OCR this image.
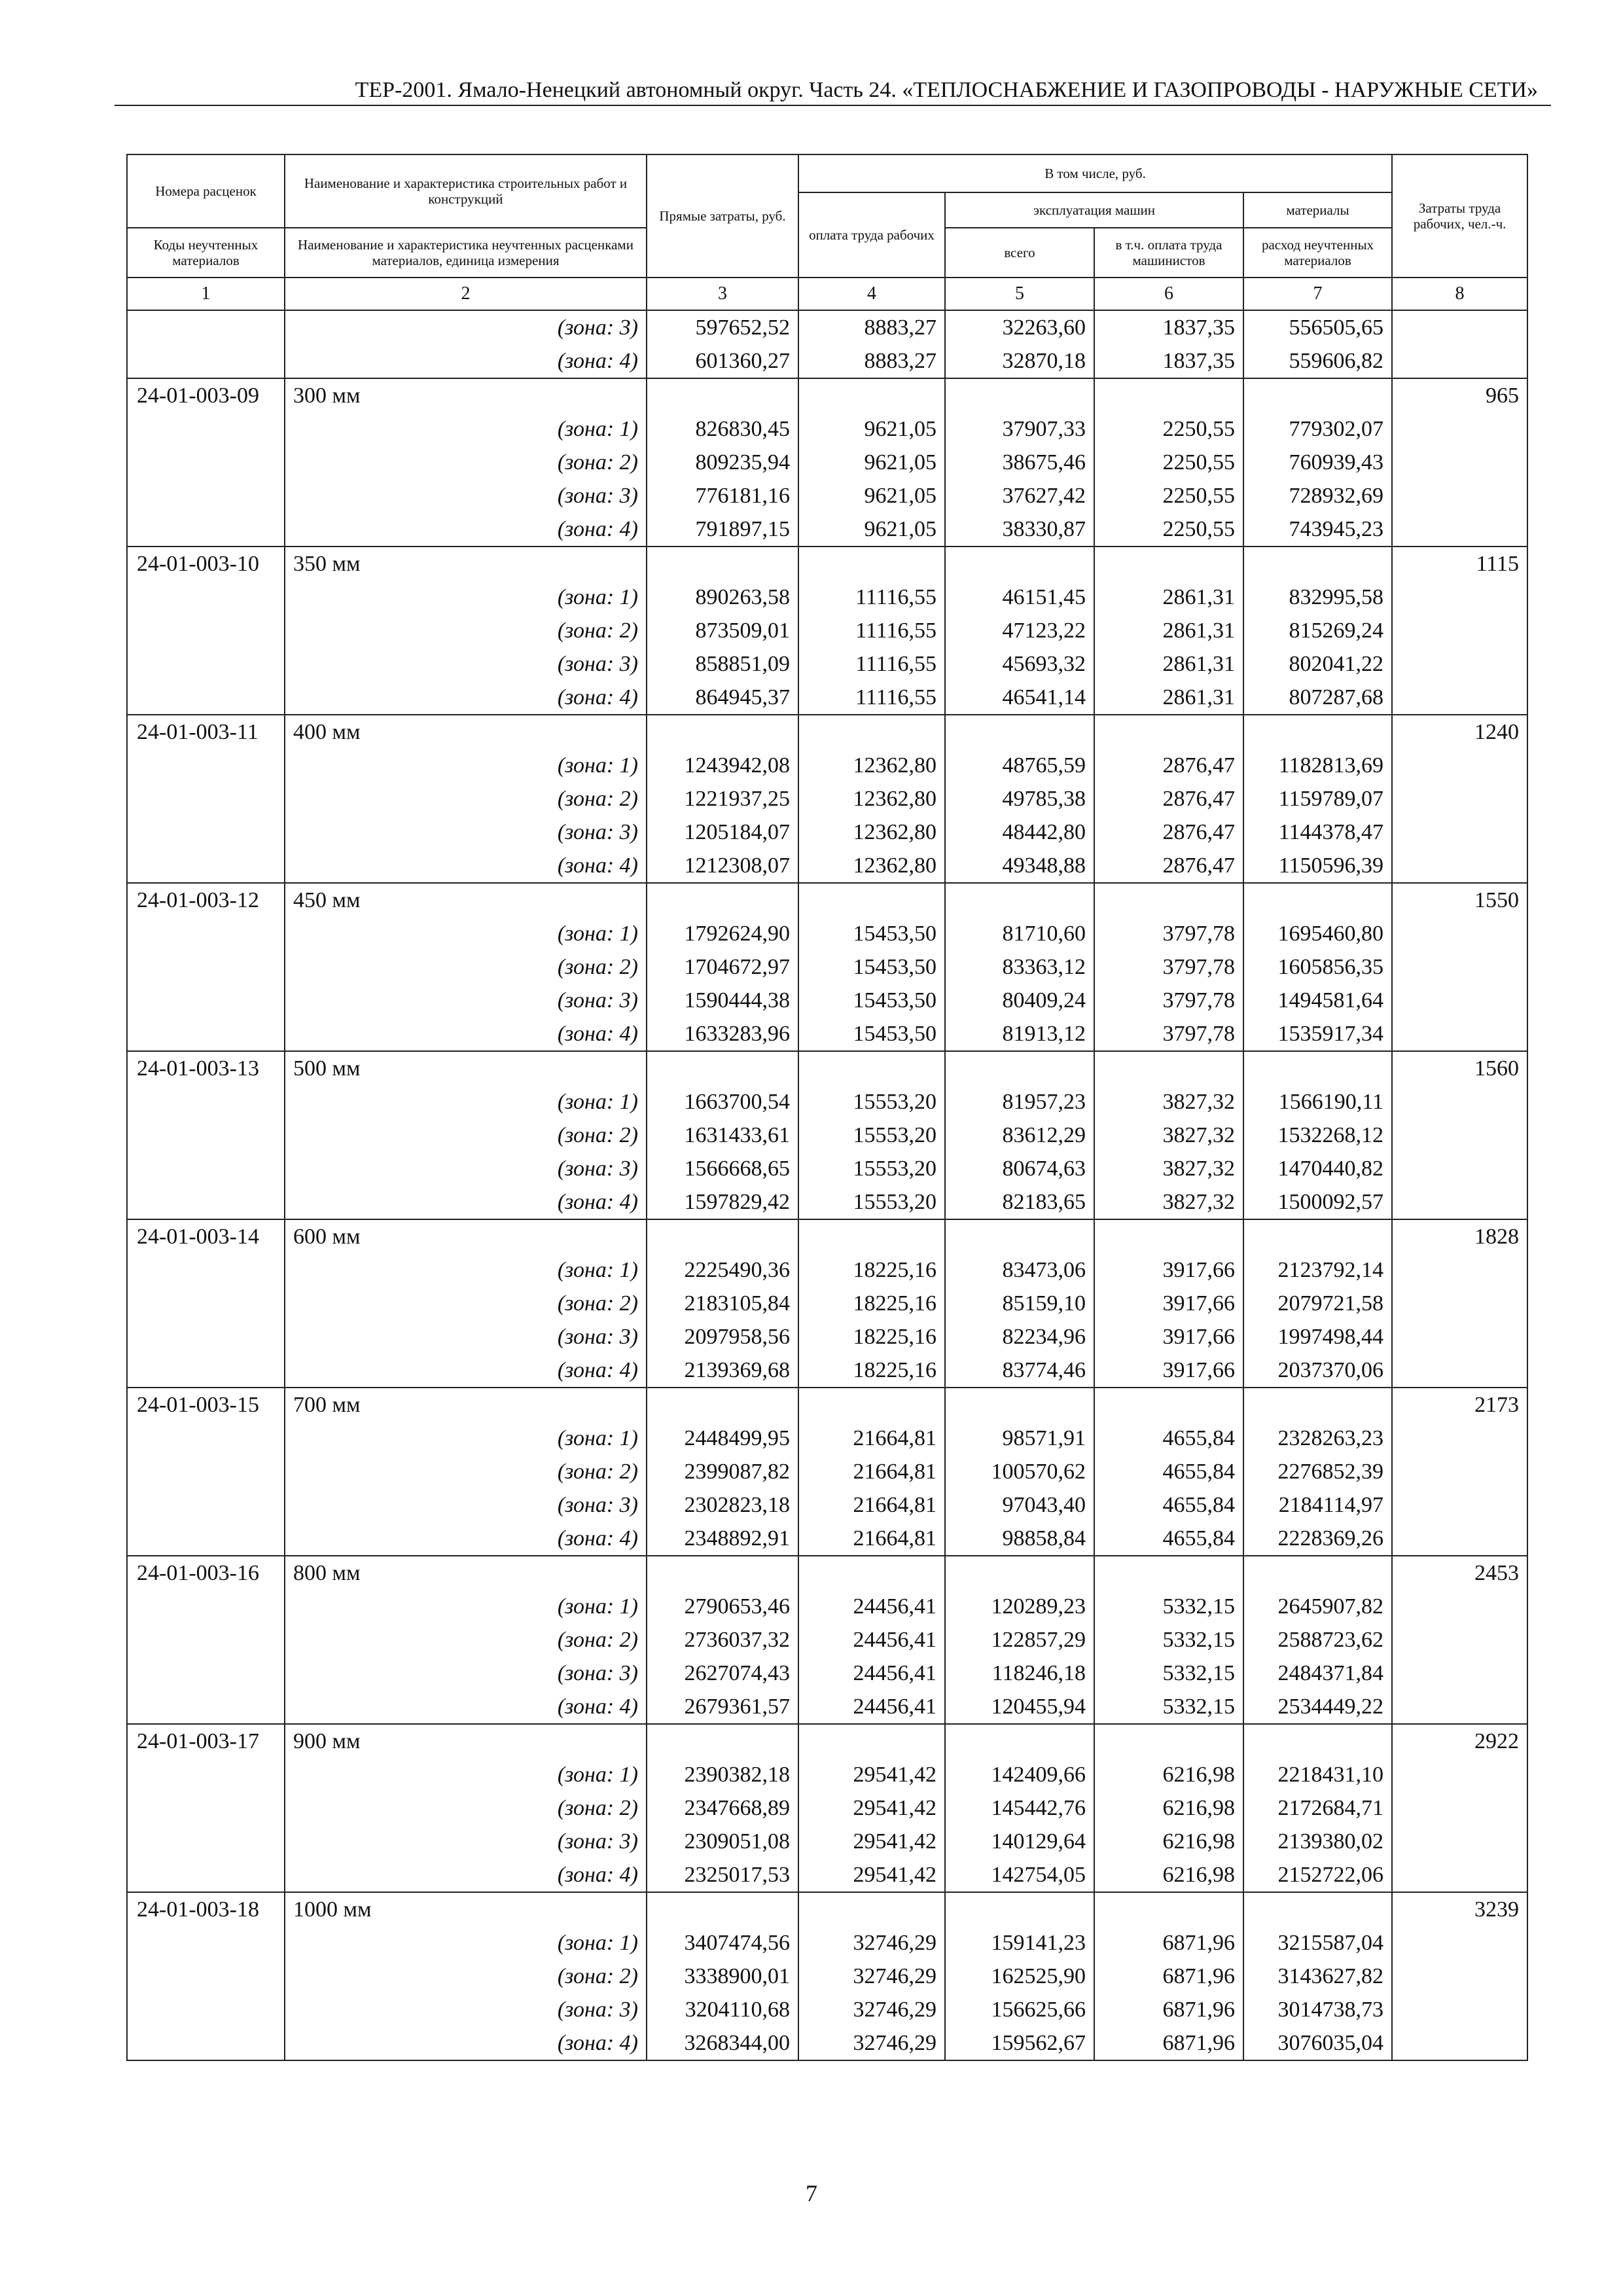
ТЕР-2001. Ямало-Ненецкий автономный округ. Часть 24. «ТЕПЛОСНАБЖЕНИЕ И ГАЗОПРОВОДЫ - НАРУЖНЫЕ СЕТИ»
Номера расценок	Наименование и характеристика строительных работ и конструкций	Прямые затраты, руб.	В том числе, руб.				Затраты труда рабочих, чел.-ч.
			оплата труда рабочих	эксплуатация машин		материалы	
Коды неучтенных материалов	Наименование и характеристика неучтенных расценками материалов, единица измерения			всего	в т.ч. оплата труда машинистов	расход неучтенных материалов	
1	2	3	4	5	6	7	8
	(зона: 3)	597652,52	8883,27	32263,60	1837,35	556505,65	
	(зона: 4)	601360,27	8883,27	32870,18	1837,35	559606,82	
24-01-003-09	300 мм						965
	(зона: 1)	826830,45	9621,05	37907,33	2250,55	779302,07	
	(зона: 2)	809235,94	9621,05	38675,46	2250,55	760939,43	
	(зона: 3)	776181,16	9621,05	37627,42	2250,55	728932,69	
	(зона: 4)	791897,15	9621,05	38330,87	2250,55	743945,23	
24-01-003-10	350 мм						1115
	(зона: 1)	890263,58	11116,55	46151,45	2861,31	832995,58	
	(зона: 2)	873509,01	11116,55	47123,22	2861,31	815269,24	
	(зона: 3)	858851,09	11116,55	45693,32	2861,31	802041,22	
	(зона: 4)	864945,37	11116,55	46541,14	2861,31	807287,68	
24-01-003-11	400 мм						1240
	(зона: 1)	1243942,08	12362,80	48765,59	2876,47	1182813,69	
	(зона: 2)	1221937,25	12362,80	49785,38	2876,47	1159789,07	
	(зона: 3)	1205184,07	12362,80	48442,80	2876,47	1144378,47	
	(зона: 4)	1212308,07	12362,80	49348,88	2876,47	1150596,39	
24-01-003-12	450 мм						1550
	(зона: 1)	1792624,90	15453,50	81710,60	3797,78	1695460,80	
	(зона: 2)	1704672,97	15453,50	83363,12	3797,78	1605856,35	
	(зона: 3)	1590444,38	15453,50	80409,24	3797,78	1494581,64	
	(зона: 4)	1633283,96	15453,50	81913,12	3797,78	1535917,34	
24-01-003-13	500 мм						1560
	(зона: 1)	1663700,54	15553,20	81957,23	3827,32	1566190,11	
	(зона: 2)	1631433,61	15553,20	83612,29	3827,32	1532268,12	
	(зона: 3)	1566668,65	15553,20	80674,63	3827,32	1470440,82	
	(зона: 4)	1597829,42	15553,20	82183,65	3827,32	1500092,57	
24-01-003-14	600 мм						1828
	(зона: 1)	2225490,36	18225,16	83473,06	3917,66	2123792,14	
	(зона: 2)	2183105,84	18225,16	85159,10	3917,66	2079721,58	
	(зона: 3)	2097958,56	18225,16	82234,96	3917,66	1997498,44	
	(зона: 4)	2139369,68	18225,16	83774,46	3917,66	2037370,06	
24-01-003-15	700 мм						2173
	(зона: 1)	2448499,95	21664,81	98571,91	4655,84	2328263,23	
	(зона: 2)	2399087,82	21664,81	100570,62	4655,84	2276852,39	
	(зона: 3)	2302823,18	21664,81	97043,40	4655,84	2184114,97	
	(зона: 4)	2348892,91	21664,81	98858,84	4655,84	2228369,26	
24-01-003-16	800 мм						2453
	(зона: 1)	2790653,46	24456,41	120289,23	5332,15	2645907,82	
	(зона: 2)	2736037,32	24456,41	122857,29	5332,15	2588723,62	
	(зона: 3)	2627074,43	24456,41	118246,18	5332,15	2484371,84	
	(зона: 4)	2679361,57	24456,41	120455,94	5332,15	2534449,22	
24-01-003-17	900 мм						2922
	(зона: 1)	2390382,18	29541,42	142409,66	6216,98	2218431,10	
	(зона: 2)	2347668,89	29541,42	145442,76	6216,98	2172684,71	
	(зона: 3)	2309051,08	29541,42	140129,64	6216,98	2139380,02	
	(зона: 4)	2325017,53	29541,42	142754,05	6216,98	2152722,06	
24-01-003-18	1000 мм						3239
	(зона: 1)	3407474,56	32746,29	159141,23	6871,96	3215587,04	
	(зона: 2)	3338900,01	32746,29	162525,90	6871,96	3143627,82	
	(зона: 3)	3204110,68	32746,29	156625,66	6871,96	3014738,73	
	(зона: 4)	3268344,00	32746,29	159562,67	6871,96	3076035,04	
7
